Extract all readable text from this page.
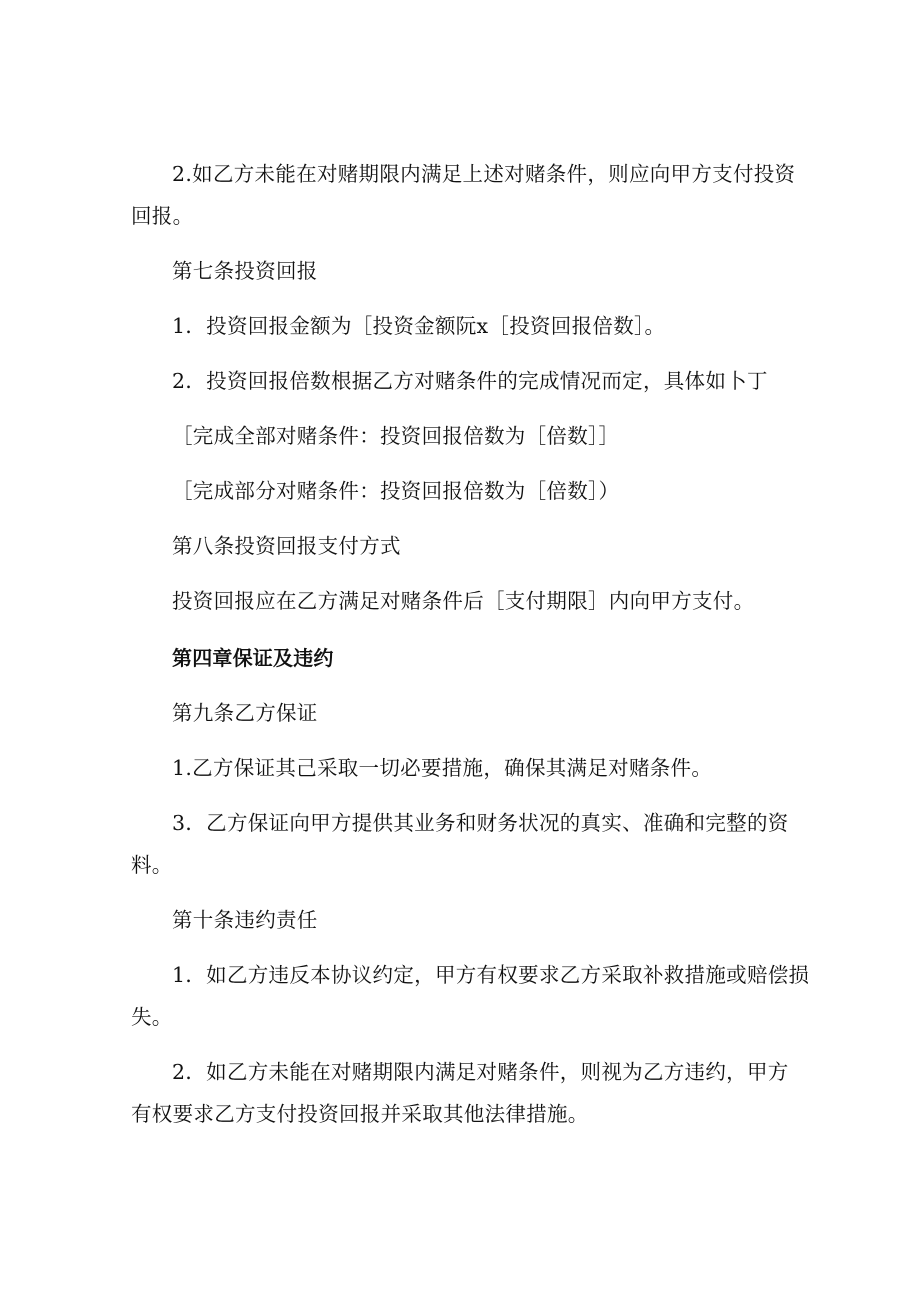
2.如乙方未能在对赌期限内满足上述对赌条件，则应向甲方支付投资
回报。
第七条投资回报
1．投资回报金额为［投资金额阮x［投资回报倍数］。
2．投资回报倍数根据乙方对赌条件的完成情况而定，具体如卜丁
［完成全部对赌条件：投资回报倍数为［倍数］］
［完成部分对赌条件：投资回报倍数为［倍数］）
第八条投资回报支付方式
投资回报应在乙方满足对赌条件后［支付期限］内向甲方支付。
第四章保证及违约
第九条乙方保证
1.乙方保证其己采取一切必要措施，确保其满足对赌条件。
3．乙方保证向甲方提供其业务和财务状况的真实、准确和完整的资
料。
第十条违约责任
1．如乙方违反本协议约定，甲方有权要求乙方采取补救措施或赔偿损
失。
2．如乙方未能在对赌期限内满足对赌条件，则视为乙方违约，甲方
有权要求乙方支付投资回报并采取其他法律措施。
